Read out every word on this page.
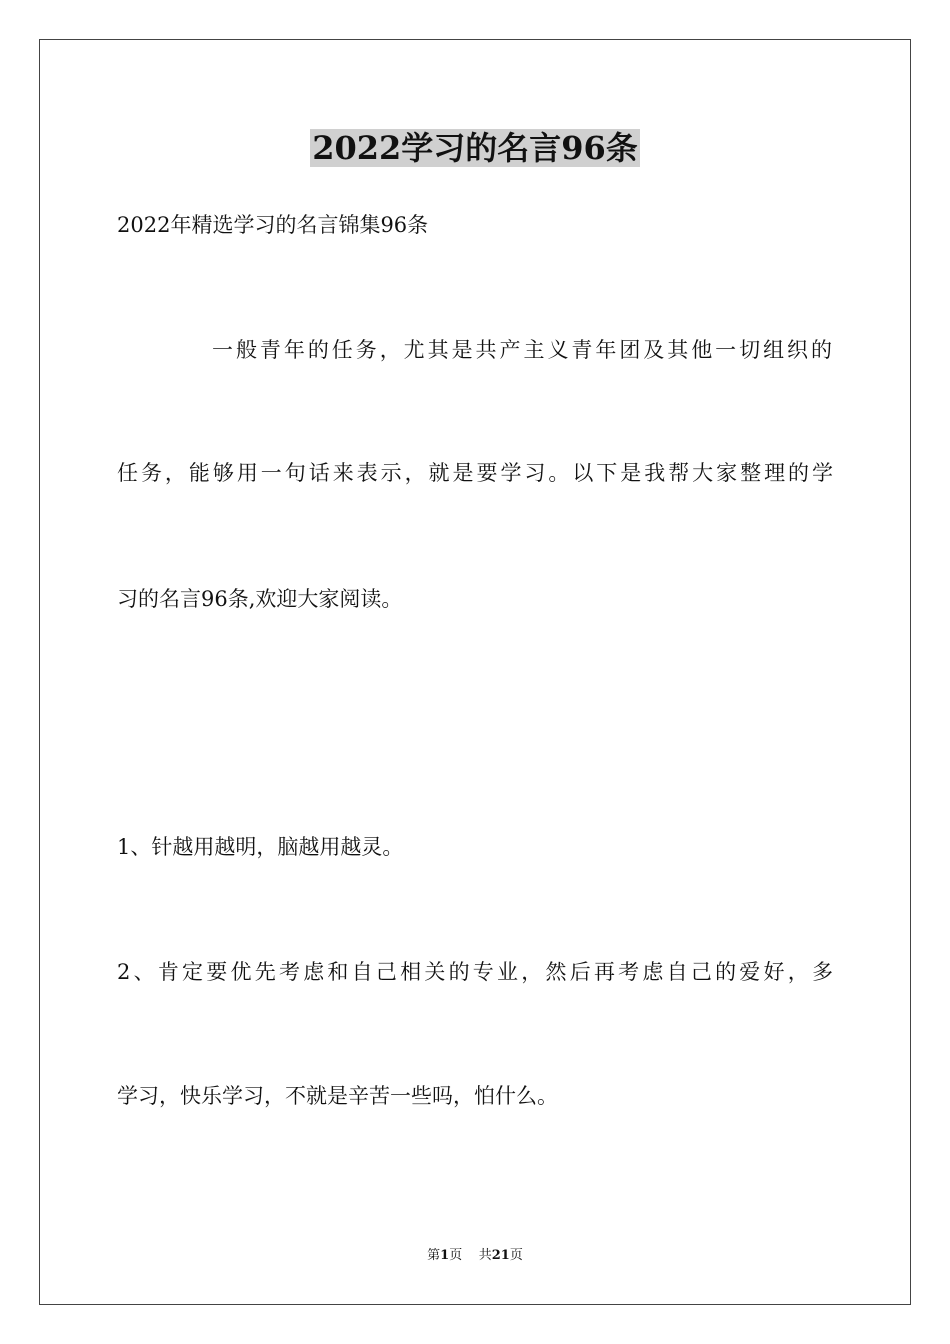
2022学习的名言96条
2022年精选学习的名言锦集96条
一般青年的任务，尤其是共产主义青年团及其他一切组织的
任务，能够用一句话来表示，就是要学习。以下是我帮大家整理的学
习的名言96条,欢迎大家阅读。
1、针越用越明，脑越用越灵。
2、肯定要优先考虑和自己相关的专业，然后再考虑自己的爱好，多
学习，快乐学习，不就是辛苦一些吗，怕什么。
第1页    共21页
